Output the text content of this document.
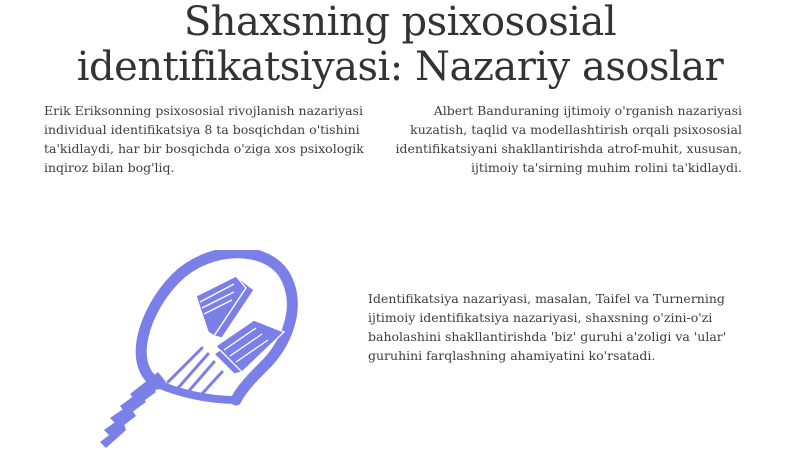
Shaxsning psixososial
identifikatsiyasi: Nazariy asoslar

Erik Eriksonning psixososial rivojlanish nazariyasi individual identifikatsiya 8 ta bosqichdan o'tishini ta'kidlaydi, har bir bosqichda o'ziga xos psixologik inqiroz bilan bog'liq.

Albert Banduraning ijtimoiy o'rganish nazariyasi kuzatish, taqlid va modellashtirish orqali psixososial identifikatsiyani shakllantirishda atrof-muhit, xususan, ijtimoiy ta'sirning muhim rolini ta'kidlaydi.

Identifikatsiya nazariyasi, masalan, Taifel va Turnerning ijtimoiy identifikatsiya nazariyasi, shaxsning o'zini-o'zi baholashini shakllantirishda 'biz' guruhi a'zoligi va 'ular' guruhini farqlashning ahamiyatini ko'rsatadi.
